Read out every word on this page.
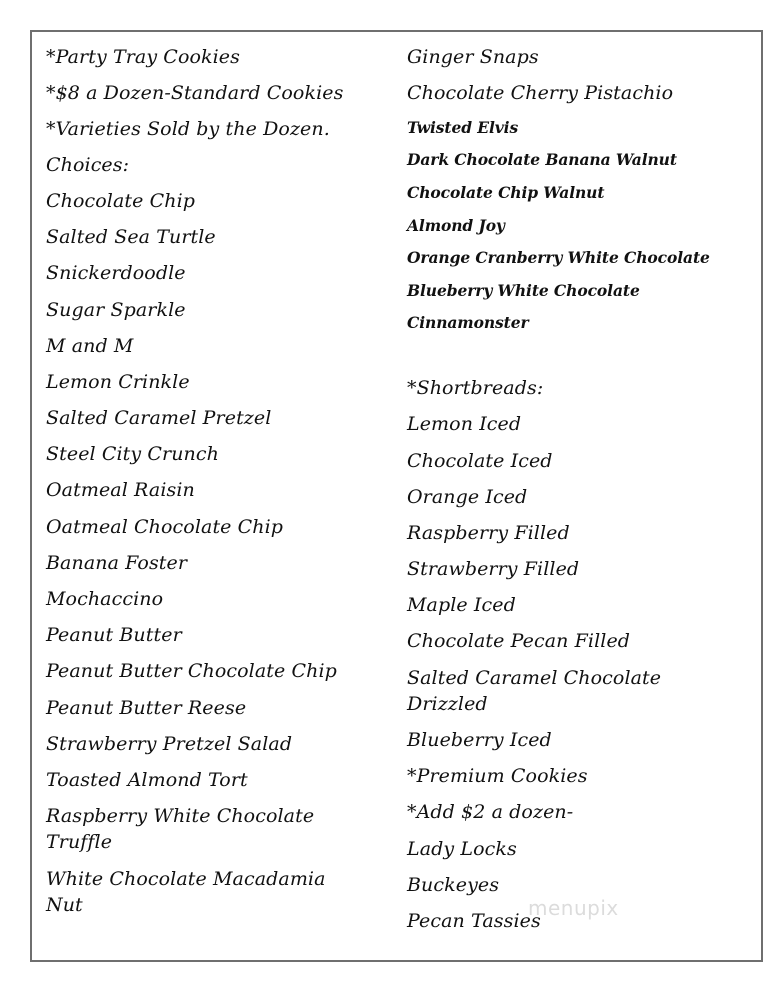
*Party Tray Cookies
*$8 a Dozen-Standard Cookies
*Varieties Sold by the Dozen.
Choices:
Chocolate Chip
Salted Sea Turtle
Snickerdoodle
Sugar Sparkle
M and M
Lemon Crinkle
Salted Caramel Pretzel
Steel City Crunch
Oatmeal Raisin
Oatmeal Chocolate Chip
Banana Foster
Mochaccino
Peanut Butter
Peanut Butter Chocolate Chip
Peanut Butter Reese
Strawberry Pretzel Salad
Toasted Almond Tort
Raspberry White Chocolate Truffle
White Chocolate Macadamia Nut
Ginger Snaps
Chocolate Cherry Pistachio
Twisted Elvis
Dark Chocolate Banana Walnut
Chocolate Chip Walnut
Almond Joy
Orange Cranberry White Chocolate
Blueberry White Chocolate
Cinnamonster
*Shortbreads:
Lemon Iced
Chocolate Iced
Orange Iced
Raspberry Filled
Strawberry Filled
Maple Iced
Chocolate Pecan Filled
Salted Caramel Chocolate Drizzled
Blueberry Iced
*Premium Cookies
*Add $2 a dozen-
Lady Locks
Buckeyes
Pecan Tassies
menupix
